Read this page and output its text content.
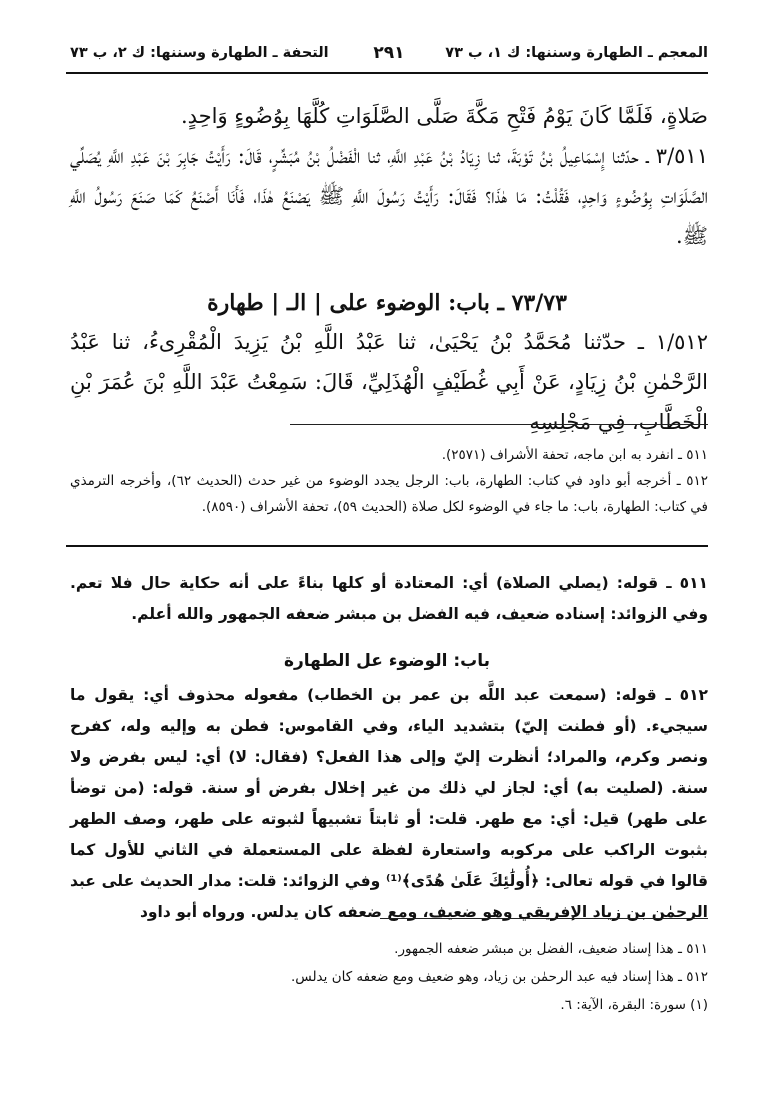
المعجم ـ الطهارة وسننها: ك ١، ب ٧٣
٢٩١
التحفة ـ الطهارة وسننها: ك ٢، ب ٧٣
صَلاةٍ، فَلَمَّا كَانَ يَوْمُ فَتْحِ مَكَّةَ صَلَّى الصَّلَوَاتِ كُلَّهَا بِوُضُوءٍ وَاحِدٍ.
٣/٥١١ ـ حدّثنا إِسْمَاعِيلُ بْنُ تَوْبَةَ، ثنا زِيَادُ بْنُ عَبْدِ اللَّهِ، ثنا الْفَضْلُ بْنُ مُبَشِّرٍ، قَالَ: رَأَيْتُ جَابِرَ بْنَ عَبْدِ اللَّهِ يُصَلِّي الصَّلَوَاتِ بِوُضُوءٍ وَاحِدٍ، فَقُلْتُ: مَا هٰذَا؟ فَقَالَ: رَأَيْتُ رَسُولَ اللَّهِ ﷺ يَصْنَعُ هٰذَا، فَأَنَا أَصْنَعُ كَمَا صَنَعَ رَسُولُ اللَّهِ ﷺ.
٧٣/٧٣ ـ باب: الوضوء على | الـ | طهارة
١/٥١٢ ـ حدّثنا مُحَمَّدُ بْنُ يَحْيَىٰ، ثنا عَبْدُ اللَّهِ بْنُ يَزِيدَ الْمُقْرِىءُ، ثنا عَبْدُ الرَّحْمٰنِ بْنُ زِيَادٍ، عَنْ أَبِي غُطَيْفٍ الْهُذَلِيِّ، قَالَ: سَمِعْتُ عَبْدَ اللَّهِ بْنَ عُمَرَ بْنِ الْخَطَّابِ، فِي مَجْلِسِهِ
٥١١ ـ انفرد به ابن ماجه، تحفة الأشراف (٢٥٧١).
٥١٢ ـ أخرجه أبو داود في كتاب: الطهارة، باب: الرجل يجدد الوضوء من غير حدث (الحديث ٦٢)، وأخرجه الترمذي في كتاب: الطهارة، باب: ما جاء في الوضوء لكل صلاة (الحديث ٥٩)، تحفة الأشراف (٨٥٩٠).
٥١١ ـ قوله: (يصلي الصلاة) أي: المعتادة أو كلها بناءً على أنه حكاية حال فلا تعم. وفي الزوائد: إسناده ضعيف، فيه الفضل بن مبشر ضعفه الجمهور والله أعلم.
باب: الوضوء عل الطهارة
٥١٢ ـ قوله: (سمعت عبد اللَّه بن عمر بن الخطاب) مفعوله محذوف أي: يقول ما سيجيء. (أو فطنت إليّ) بتشديد الياء، وفي القاموس: فطن به وإليه وله، كفرح ونصر وكرم، والمراد؛ أنظرت إليّ وإلى هذا الفعل؟ (فقال: لا) أي: ليس بفرض ولا سنة. (لصليت به) أي: لجاز لي ذلك من غير إخلال بفرض أو سنة. قوله: (من توضأ على طهر) قيل: أي: مع طهر. قلت: أو ثابتاً تشبيهاً لثبوته على طهر، وصف الطهر بثبوت الراكب على مركوبه واستعارة لفظة على المستعملة في الثاني للأول كما قالوا في قوله تعالى: ﴿أُولَٰئِكَ عَلَىٰ هُدًى﴾⁽¹⁾ وفي الزوائد: قلت: مدار الحديث على عبد الرحمٰن بن زياد الإفريقي وهو ضعيف، ومع ضعفه كان يدلس. ورواه أبو داود
٥١١ ـ هذا إسناد ضعيف، الفضل بن مبشر ضعفه الجمهور.
٥١٢ ـ هذا إسناد فيه عبد الرحمٰن بن زياد، وهو ضعيف ومع ضعفه كان يدلس.
(١) سورة: البقرة، الآية: ٦.
